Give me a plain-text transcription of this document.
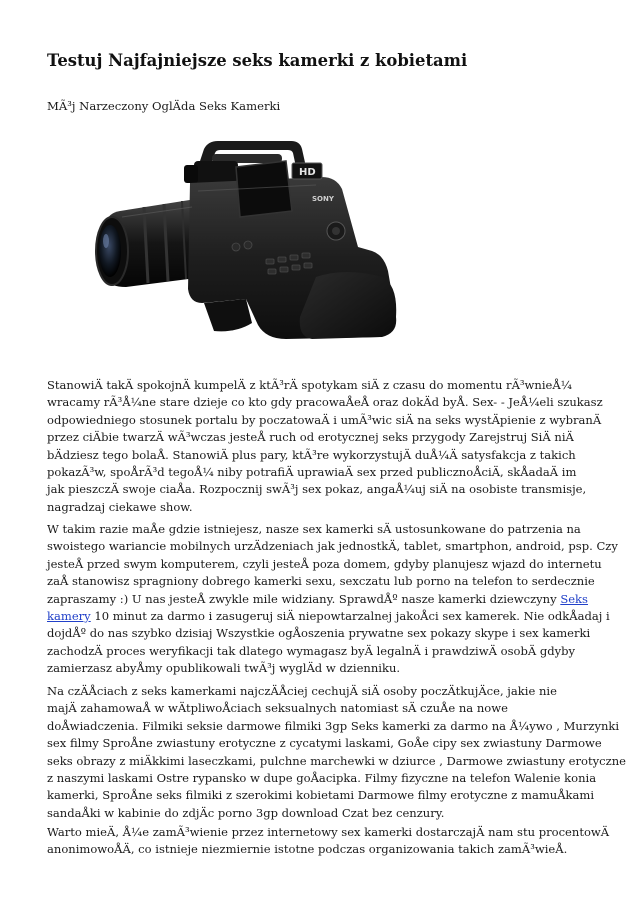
Testuj Najfajniejsze seks kamerki z kobietami
MÃ³j Narzeczony OglÄda Seks Kamerki
HD
SONY
StanowiÄ takÄ spokojnÄ kumpelÄ z ktÃ³rÄ spotykam siÄ z czasu do momentu rÃ³wnieÅ¼
wracamy rÃ³Å¼ne stare dzieje co kto gdy pracowaÅeÅ oraz dokÄd byÅ. Sex- - JeÅ¼eli szukasz
odpowiedniego stosunek portalu by poczatowaÄ i umÃ³wic siÄ na seks wystÄpienie z wybranÄ
przez ciÄbie twarzÄ wÃ³wczas jesteÅ ruch od erotycznej seks przygody Zarejstruj SiÄ niÄ
bÄdziesz tego bolaÅ. StanowiÄ plus pary, ktÃ³re wykorzystujÄ duÅ¼Ä satysfakcja z takich
pokazÃ³w, spoÅrÃ³d tegoÅ¼ niby potrafiÄ uprawiaÄ sex przed publicznoÅciÄ, skÅadaÄ im
jak pieszczÄ swoje ciaÅa. Rozpocznij swÃ³j sex pokaz, angaÅ¼uj siÄ na osobiste transmisje,
nagradzaj ciekawe show.
W takim razie maÅe gdzie istniejesz, nasze sex kamerki sÄ ustosunkowane do patrzenia na
swoistego wariancie mobilnych urzÄdzeniach jak jednostkÄ, tablet, smartphon, android, psp. Czy
jesteÅ przed swym komputerem, czyli jesteÅ poza domem, gdyby planujesz wjazd do internetu
zaÅ stanowisz spragniony dobrego kamerki sexu, sexczatu lub porno na telefon to serdecznie
zapraszamy :) U nas jesteÅ zwykle mile widziany. SprawdÅº nasze kamerki dziewczyny Seks
kamery 10 minut za darmo i zasugeruj siÄ niepowtarzalnej jakoÅci sex kamerek. Nie odkÅadaj i
dojdÅº do nas szybko dzisiaj Wszystkie ogÅoszenia prywatne sex pokazy skype i sex kamerki
zachodzÄ proces weryfikacji tak dlatego wymagasz byÄ legalnÄ i prawdziwÄ osobÄ gdyby
zamierzasz abyÅmy opublikowali twÃ³j wyglÄd w dzienniku.
Na czÄÅciach z seks kamerkami najczÄÅciej cechujÄ siÄ osoby poczÄtkujÄce, jakie nie
majÄ zahamowaÅ w wÄtpliwoÅciach seksualnych natomiast sÄ czuÅe na nowe
doÅwiadczenia. Filmiki seksie darmowe filmiki 3gp Seks kamerki za darmo na Å¼ywo , Murzynki
sex filmy SproÅne zwiastuny erotyczne z cycatymi laskami, GoÅe cipy sex zwiastuny Darmowe
seks obrazy z miÄkkimi laseczkami, pulchne marchewki w dziurce , Darmowe zwiastuny erotyczne
z naszymi laskami Ostre rypansko w dupe goÅacipka. Filmy fizyczne na telefon Walenie konia
kamerki, SproÅne seks filmiki z szerokimi kobietami Darmowe filmy erotyczne z mamuÅkami
sandaÅki w kabinie do zdjÄc porno 3gp download Czat bez cenzury.
Warto mieÄ, Å¼e zamÃ³wienie przez internetowy sex kamerki dostarczajÄ nam stu procentowÄ
anonimowoÅÄ, co istnieje niezmiernie istotne podczas organizowania takich zamÃ³wieÅ.
